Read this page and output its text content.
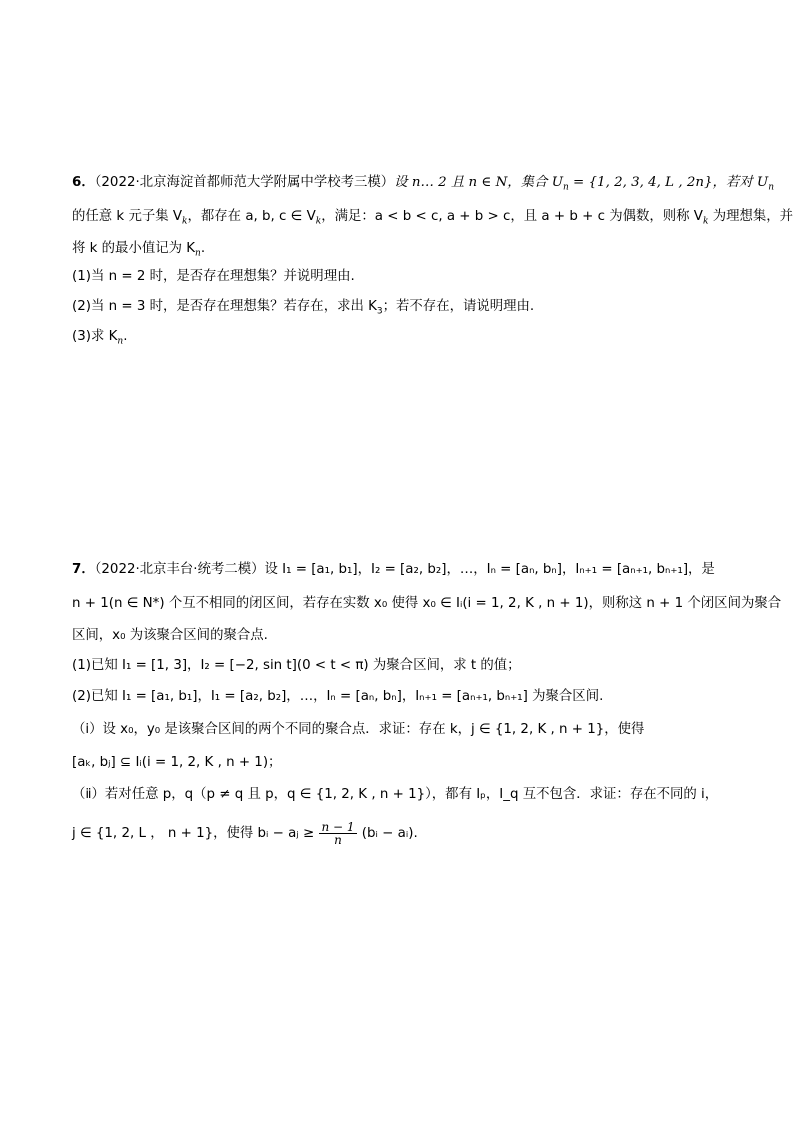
6．（2022·北京海淀首都师范大学附属中学校考三模）设 n… 2 且 n ∈ N，集合 $U_n = \{1$, 2, 3, 4, L , 2n}，若对 $U_n$
的任意 k 元子集 $V_k$，都存在 a, b, c ∈ $V_k$，满足：a < b < c, a + b > c，且 a + b + c 为偶数，则称 $V_k$ 为理想集，并
将 k 的最小值记为 $K_n$.
(1)当 n = 2 时，是否存在理想集？并说明理由.
(2)当 n = 3 时，是否存在理想集？若存在，求出 $K_3$；若不存在，请说明理由.
(3)求 $K_n$.
7．（2022·北京丰台·统考二模）设 I₁ = [a₁, b₁]，I₂ = [a₂, b₂]，…，Iₙ = [aₙ, bₙ]，Iₙ₊₁ = [aₙ₊₁, bₙ₊₁]，是
n + 1(n ∈ N*) 个互不相同的闭区间，若存在实数 x₀ 使得 x₀ ∈ Iᵢ(i = 1, 2, K , n + 1)，则称这 n + 1 个闭区间为聚合
区间，x₀ 为该聚合区间的聚合点.
(1)已知 I₁ = [1, 3]，I₂ = [−2, sin t](0 < t < π) 为聚合区间，求 t 的值；
(2)已知 I₁ = [a₁, b₁]，I₁ = [a₂, b₂]，…，Iₙ = [aₙ, bₙ]，Iₙ₊₁ = [aₙ₊₁, bₙ₊₁] 为聚合区间.
（ⅰ）设 x₀，y₀ 是该聚合区间的两个不同的聚合点．求证：存在 k，j ∈ {1, 2, K , n + 1}，使得
[aₖ, bⱼ] ⊆ Iᵢ(i = 1, 2, K , n + 1)；
（ⅱ）若对任意 p，q（p ≠ q 且 p，q ∈ {1, 2, K , n + 1}），都有 Iₚ，I_q 互不包含．求证：存在不同的 i，
j ∈ {1, 2, L ， n + 1}，使得 bᵢ − aⱼ ≥ $\frac{n - 1}{n}$ (bᵢ − aᵢ).
